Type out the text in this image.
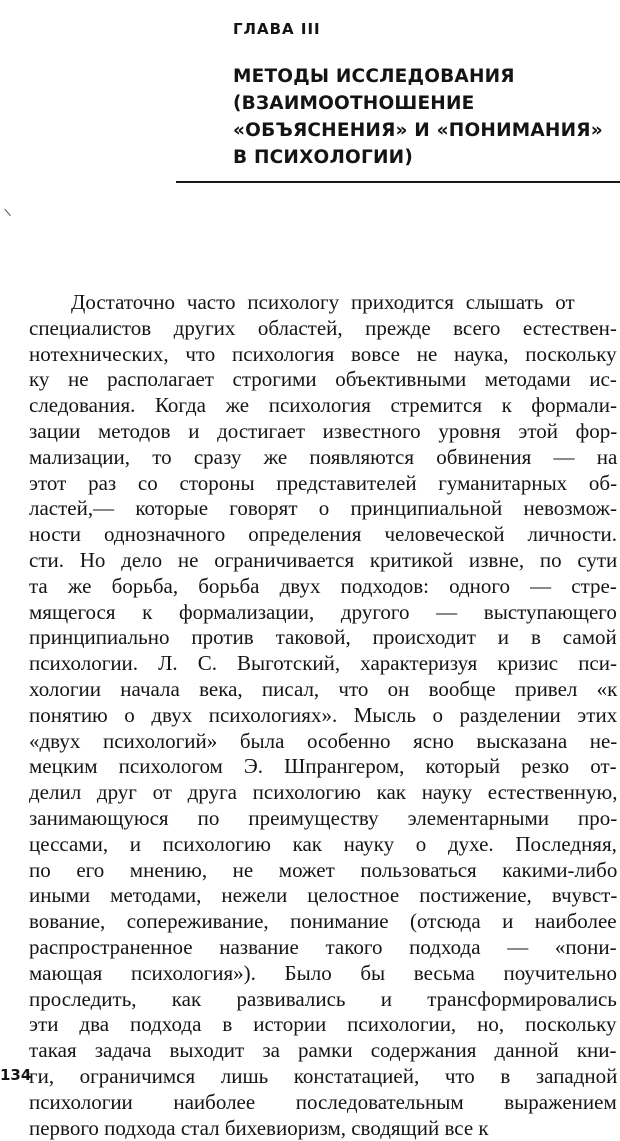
ГЛАВА III
МЕТОДЫ ИССЛЕДОВАНИЯ
(ВЗАИМООТНОШЕНИЕ
«ОБЪЯСНЕНИЯ» И «ПОНИМАНИЯ»
В ПСИХОЛОГИИ)
Достаточно часто психологу приходится слышать от
специалистов других областей, прежде всего естествен-
нотехнических, что психология вовсе не наука, поскольку
ку не располагает строгими объективными методами ис-
следования. Когда же психология стремится к формали-
зации методов и достигает известного уровня этой фор-
мализации, то сразу же появляются обвинения — на
этот раз со стороны представителей гуманитарных об-
ластей,— которые говорят о принципиальной невозмож-
ности однозначного определения человеческой личности.
сти. Но дело не ограничивается критикой извне, по сути
та же борьба, борьба двух подходов: одного — стре-
мящегося к формализации, другого — выступающего
принципиально против таковой, происходит и в самой
психологии. Л. С. Выготский, характеризуя кризис пси-
хологии начала века, писал, что он вообще привел «к
понятию о двух психологиях». Мысль о разделении этих
«двух психологий» была особенно ясно высказана не-
мецким психологом Э. Шпрангером, который резко от-
делил друг от друга психологию как науку естественную,
занимающуюся по преимуществу элементарными про-
цессами, и психологию как науку о духе. Последняя,
по его мнению, не может пользоваться какими-либо
иными методами, нежели целостное постижение, вчувст-
вование, сопереживание, понимание (отсюда и наиболее
распространенное название такого подхода — «пони-
мающая психология»). Было бы весьма поучительно
проследить, как развивались и трансформировались
эти два подхода в истории психологии, но, поскольку
такая задача выходит за рамки содержания данной кни-
ги, ограничимся лишь констатацией, что в западной
психологии наиболее последовательным выражением
первого подхода стал бихевиоризм, сводящий все к
134
